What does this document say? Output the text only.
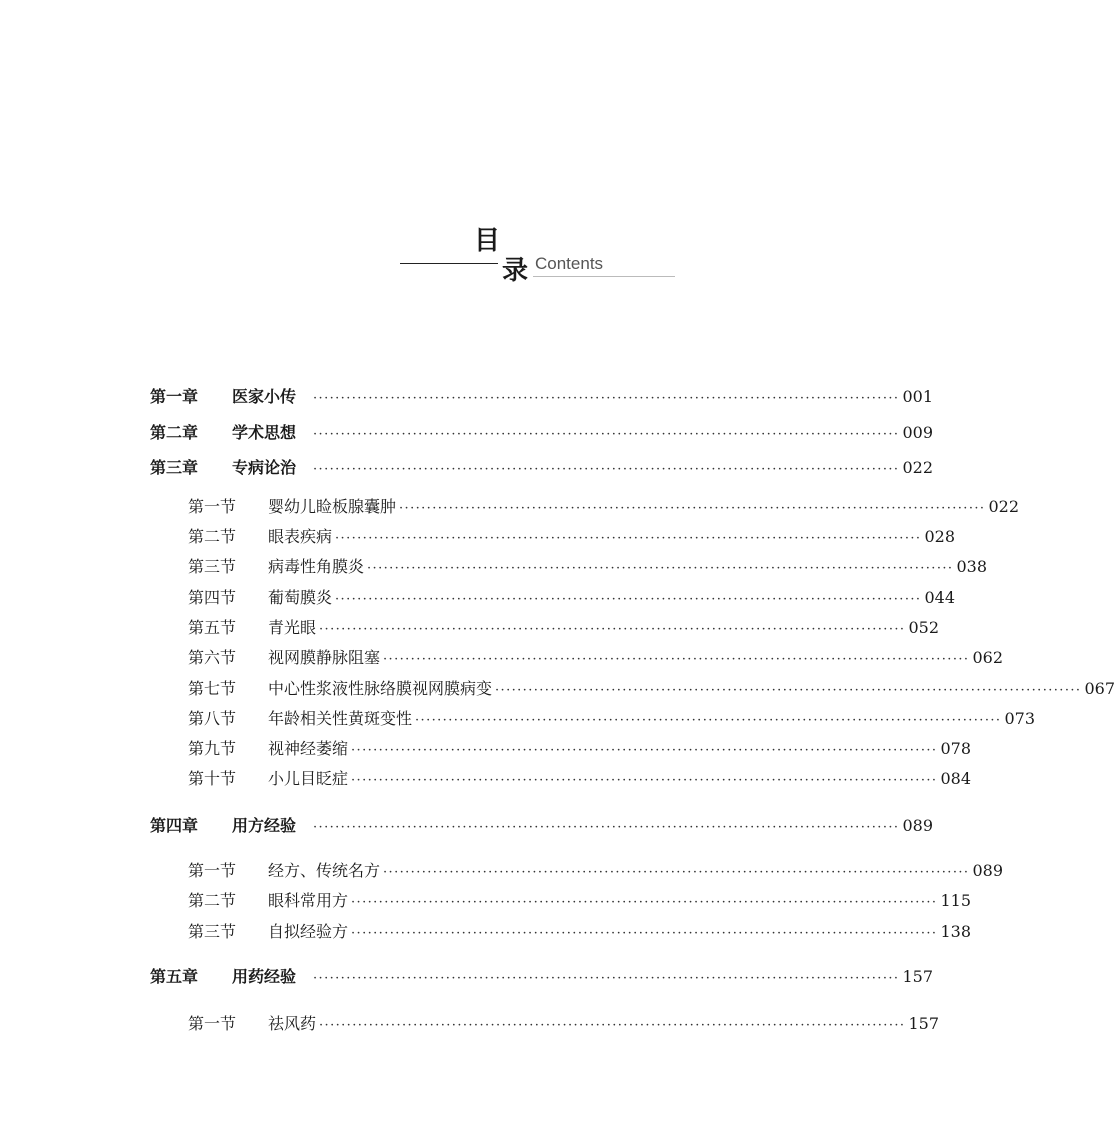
目
录 Contents
第一章	医家小传	·········································································································· 001
第二章	学术思想	·········································································································· 009
第三章	专病论治	·········································································································· 022
第一节	婴幼儿睑板腺囊肿 ·········································································································· 022
第二节	眼表疾病 ·········································································································· 028
第三节	病毒性角膜炎 ·········································································································· 038
第四节	葡萄膜炎 ·········································································································· 044
第五节	青光眼 ·········································································································· 052
第六节	视网膜静脉阻塞 ·········································································································· 062
第七节	中心性浆液性脉络膜视网膜病变 ·········································································································· 067
第八节	年龄相关性黄斑变性 ·········································································································· 073
第九节	视神经萎缩 ·········································································································· 078
第十节	小儿目眨症 ·········································································································· 084
第四章	用方经验	·········································································································· 089
第一节	经方、传统名方 ·········································································································· 089
第二节	眼科常用方 ·········································································································· 115
第三节	自拟经验方 ·········································································································· 138
第五章	用药经验	·········································································································· 157
第一节	祛风药 ·········································································································· 157
